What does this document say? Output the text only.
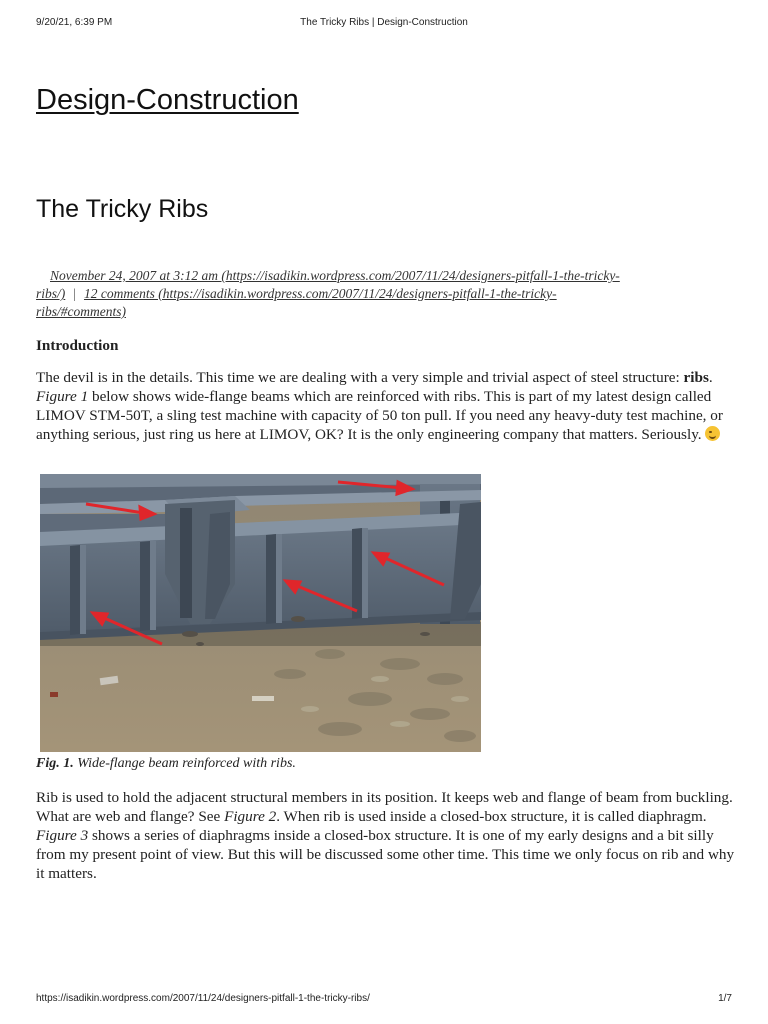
9/20/21, 6:39 PM	The Tricky Ribs | Design-Construction
Design-Construction
The Tricky Ribs
November 24, 2007 at 3:12 am (https://isadikin.wordpress.com/2007/11/24/designers-pitfall-1-the-tricky-
ribs/) | 12 comments (https://isadikin.wordpress.com/2007/11/24/designers-pitfall-1-the-tricky-
ribs/#comments)
Introduction
The devil is in the details. This time we are dealing with a very simple and trivial aspect of steel structure: ribs. Figure 1 below shows wide-flange beams which are reinforced with ribs. This is part of my latest design called LIMOV STM-50T, a sling test machine with capacity of 50 ton pull. If you need any heavy-duty test machine, or anything serious, just ring us here at LIMOV, OK? It is the only engineering company that matters. Seriously.
Fig. 1. Wide-flange beam reinforced with ribs.
Rib is used to hold the adjacent structural members in its position. It keeps web and flange of beam from buckling. What are web and flange? See Figure 2. When rib is used inside a closed-box structure, it is called diaphragm. Figure 3 shows a series of diaphragms inside a closed-box structure. It is one of my early designs and a bit silly from my present point of view. But this will be discussed some other time. This time we only focus on rib and why it matters.
https://isadikin.wordpress.com/2007/11/24/designers-pitfall-1-the-tricky-ribs/	1/7
